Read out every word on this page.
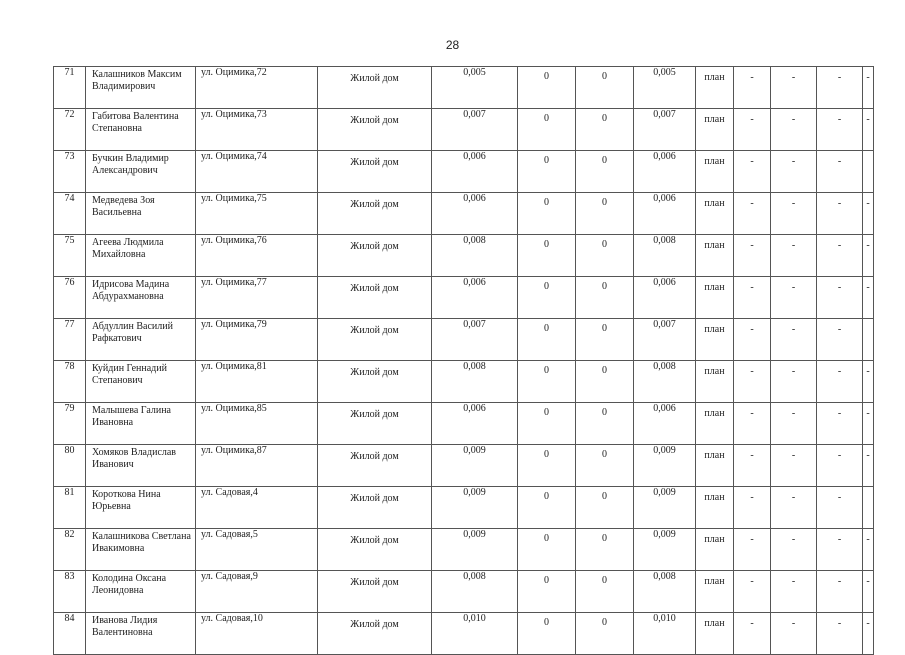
28
71	Калашников Максим Владимирович	ул. Оцимика,72	Жилой дом	0,005	0	0	0,005	план	-	-	-	-
72	Габитова Валентина Степановна	ул. Оцимика,73	Жилой дом	0,007	0	0	0,007	план	-	-	-	-
73	Бучкин Владимир Александрович	ул. Оцимика,74	Жилой дом	0,006	0	0	0,006	план	-	-	-	
74	Медведева Зоя Васильевна	ул. Оцимика,75	Жилой дом	0,006	0	0	0,006	план	-	-	-	-
75	Агеева Людмила Михайловна	ул. Оцимика,76	Жилой дом	0,008	0	0	0,008	план	-	-	-	-
76	Идрисова Мадина Абдурахмановна	ул. Оцимика,77	Жилой дом	0,006	0	0	0,006	план	-	-	-	-
77	Абдуллин Василий Рафкатович	ул. Оцимика,79	Жилой дом	0,007	0	0	0,007	план	-	-	-	
78	Куйдин Геннадий Степанович	ул. Оцимика,81	Жилой дом	0,008	0	0	0,008	план	-	-	-	-
79	Малышева Галина Ивановна	ул. Оцимика,85	Жилой дом	0,006	0	0	0,006	план	-	-	-	-
80	Хомяков Владислав Иванович	ул. Оцимика,87	Жилой дом	0,009	0	0	0,009	план	-	-	-	-
81	Короткова Нина Юрьевна	ул. Садовая,4	Жилой дом	0,009	0	0	0,009	план	-	-	-	
82	Калашникова Светлана Ивакимовна	ул. Садовая,5	Жилой дом	0,009	0	0	0,009	план	-	-	-	-
83	Колодина Оксана Леонидовна	ул. Садовая,9	Жилой дом	0,008	0	0	0,008	план	-	-	-	-
84	Иванова Лидия Валентиновна	ул. Садовая,10	Жилой дом	0,010	0	0	0,010	план	-	-	-	-
